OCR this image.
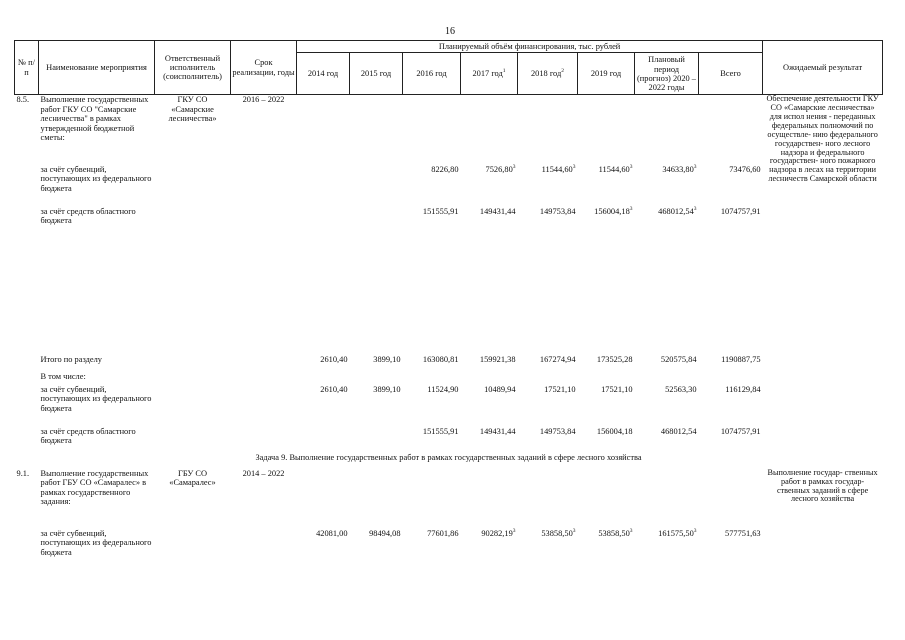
16
№ п/п	Наименование мероприятия	Ответственный исполнитель (соисполнитель)	Срок реализации, годы	Планируемый объём финансирования, тыс. рублей								Ожидаемый результат
				2014 год	2015 год	2016 год	2017 год$^1$	2018 год$^2$	2019 год	Плановый период (прогноз) 2020 – 2022 годы	Всего	
8.5.	Выполнение государственных работ ГКУ СО "Самарские лесничества" в рамках утвержденной бюджетной сметы:	ГКУ СО «Самарские лесничества»	2016 – 2022									Обеспечение деятельности ГКУ СО «Самарские лесничества» для испол нения - переданных федеральных полномочий по осуществле- нию федерального государствен- ного лесного надзора и федерального государствен- ного пожарного надзора в лесах на территории лесничеств Самарской области
	за счёт субвенций, поступающих из федерального бюджета					8226,80	7526,80$^3$	11544,60$^3$	11544,60$^3$	34633,80$^3$	73476,60	
	за счёт средств областного бюджета					151555,91	149431,44	149753,84	156004,18$^3$	468012,54$^3$	1074757,91	
	Итого по разделу			2610,40	3899,10	163080,81	159921,38	167274,94	173525,28	520575,84	1190887,75	
	В том числе:											
	за счёт субвенций, поступающих из федерального бюджета			2610,40	3899,10	11524,90	10489,94	17521,10	17521,10	52563,30	116129,84	
	за счёт средств областного бюджета					151555,91	149431,44	149753,84	156004,18	468012,54	1074757,91	
Задача 9. Выполнение государственных работ в рамках государственных заданий в сфере лесного хозяйства												
9.1.	Выполнение государственных работ ГБУ СО «Самаралес» в рамках государственного задания:	ГБУ СО «Самаралес»	2014 – 2022									Выполнение государ- ственных работ в рамках государ- ственных заданий в сфере лесного хозяйства
	за счёт субвенций, поступающих из федерального бюджета			42081,00	98494,08	77601,86	90282,19$^3$	53858,50$^3$	53858,50$^3$	161575,50$^3$	577751,63	
